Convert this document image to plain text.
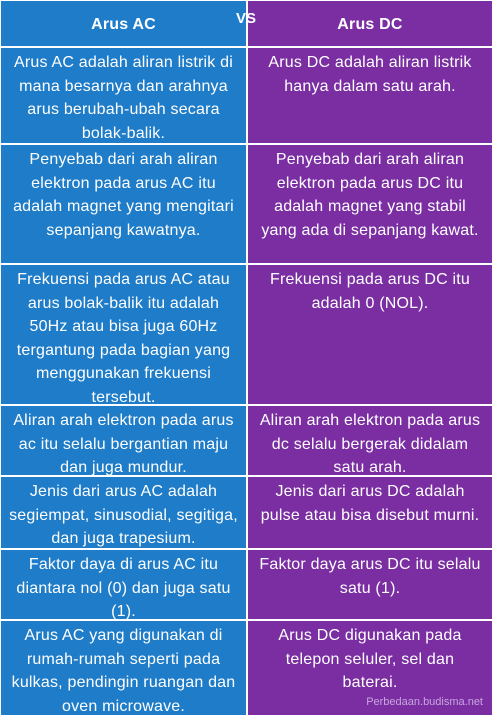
Arus AC	Arus DC
VS
Arus AC adalah aliran listrik di mana besarnya dan arahnya arus berubah-ubah secara bolak-balik.
Arus DC adalah aliran listrik hanya dalam satu arah.
Penyebab dari arah aliran elektron pada arus AC itu adalah magnet yang mengitari sepanjang kawatnya.
Penyebab dari arah aliran elektron pada arus DC itu adalah magnet yang stabil yang ada di sepanjang kawat.
Frekuensi pada arus AC atau arus bolak-balik itu adalah 50Hz atau bisa juga 60Hz tergantung pada bagian yang menggunakan frekuensi tersebut.
Frekuensi pada arus DC itu adalah 0 (NOL).
Aliran arah elektron pada arus ac itu selalu bergantian maju dan juga mundur.
Aliran arah elektron pada arus dc selalu bergerak didalam satu arah.
Jenis dari arus AC adalah segiempat, sinusodial, segitiga, dan juga trapesium.
Jenis dari arus DC adalah pulse atau bisa disebut murni.
Faktor daya di arus AC itu diantara nol (0) dan juga satu (1).
Faktor daya arus DC itu selalu satu (1).
Arus AC yang digunakan di rumah-rumah seperti pada kulkas, pendingin ruangan dan oven microwave.
Arus DC digunakan pada telepon seluler, sel dan baterai.
Perbedaan.budisma.net
